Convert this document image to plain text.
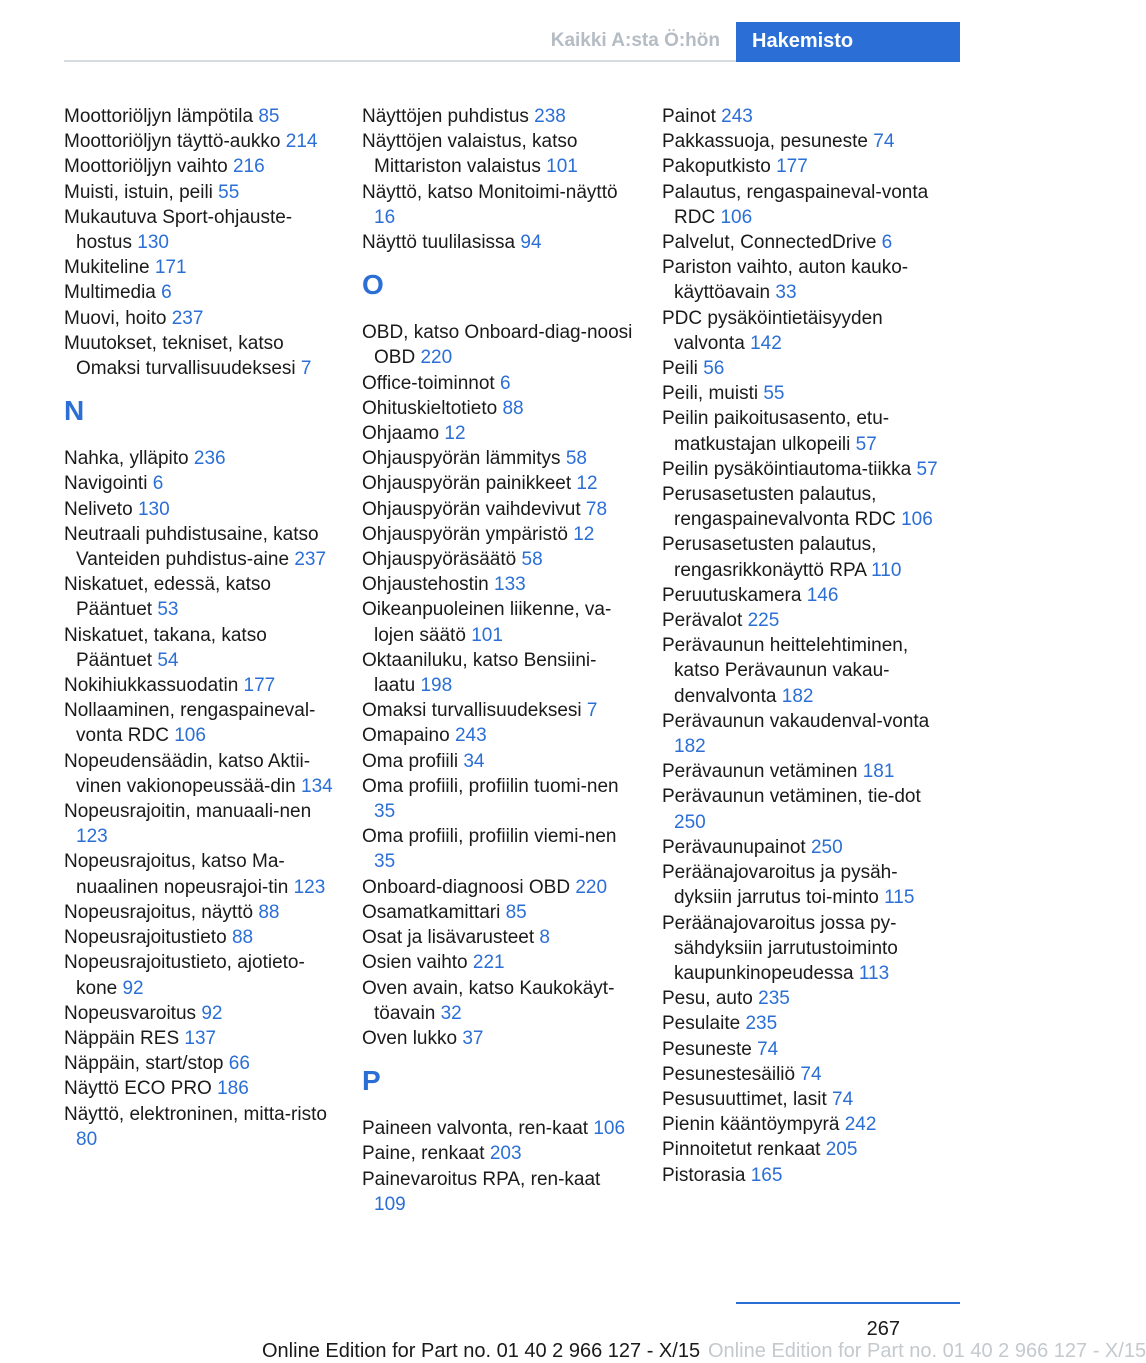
Kaikki A:sta Ö:hön	Hakemisto
Moottoriöljyn lämpötila 85
Moottoriöljyn täyttö-aukko 214
Moottoriöljyn vaihto 216
Muisti, istuin, peili 55
Mukautuva Sport-ohjauste-hostus 130
Mukiteline 171
Multimedia 6
Muovi, hoito 237
Muutokset, tekniset, katso Omaksi turvallisuudeksesi 7
N
Nahka, ylläpito 236
Navigointi 6
Neliveto 130
Neutraali puhdistusaine, katso Vanteiden puhdistus-aine 237
Niskatuet, edessä, katso Pääntuet 53
Niskatuet, takana, katso Pääntuet 54
Nokihiukkassuodatin 177
Nollaaminen, rengaspaineval-vonta RDC 106
Nopeudensäädin, katso Aktii-vinen vakionopeussää-din 134
Nopeusrajoitin, manuaali-nen 123
Nopeusrajoitus, katso Ma-nuaalinen nopeusrajoi-tin 123
Nopeusrajoitus, näyttö 88
Nopeusrajoitustieto 88
Nopeusrajoitustieto, ajotieto-kone 92
Nopeusvaroitus 92
Näppäin RES 137
Näppäin, start/stop 66
Näyttö ECO PRO 186
Näyttö, elektroninen, mitta-risto 80
Näyttöjen puhdistus 238
Näyttöjen valaistus, katso Mittariston valaistus 101
Näyttö, katso Monitoimi-näyttö 16
Näyttö tuulilasissa 94
O
OBD, katso Onboard-diag-noosi OBD 220
Office-toiminnot 6
Ohituskieltotieto 88
Ohjaamo 12
Ohjauspyörän lämmitys 58
Ohjauspyörän painikkeet 12
Ohjauspyörän vaihdevivut 78
Ohjauspyörän ympäristö 12
Ohjauspyöräsäätö 58
Ohjaustehostin 133
Oikeanpuoleinen liikenne, va-lojen säätö 101
Oktaaniluku, katso Bensiini-laatu 198
Omaksi turvallisuudeksesi 7
Omapaino 243
Oma profiili 34
Oma profiili, profiilin tuomi-nen 35
Oma profiili, profiilin viemi-nen 35
Onboard-diagnoosi OBD 220
Osamatkamittari 85
Osat ja lisävarusteet 8
Osien vaihto 221
Oven avain, katso Kaukokäyt-töavain 32
Oven lukko 37
P
Paineen valvonta, ren-kaat 106
Paine, renkaat 203
Painevaroitus RPA, ren-kaat 109
Painot 243
Pakkassuoja, pesuneste 74
Pakoputkisto 177
Palautus, rengaspaineval-vonta RDC 106
Palvelut, ConnectedDrive 6
Pariston vaihto, auton kauko-käyttöavain 33
PDC pysäköintietäisyyden valvonta 142
Peili 56
Peili, muisti 55
Peilin paikoitusasento, etu-matkustajan ulkopeili 57
Peilin pysäköintiautoma-tiikka 57
Perusasetusten palautus, rengaspainevalvonta RDC 106
Perusasetusten palautus, rengasrikkonäyttö RPA 110
Peruutuskamera 146
Perävalot 225
Perävaunun heittelehtiminen, katso Perävaunun vakau-denvalvonta 182
Perävaunun vakaudenval-vonta 182
Perävaunun vetäminen 181
Perävaunun vetäminen, tie-dot 250
Perävaunupainot 250
Peräänajovaroitus ja pysäh-dyksiin jarrutus toi-minto 115
Peräänajovaroitus jossa py-sähdyksiin jarrutustoiminto kaupunkinopeudessa 113
Pesu, auto 235
Pesulaite 235
Pesuneste 74
Pesunestesäiliö 74
Pesusuuttimet, lasit 74
Pienin kääntöympyrä 242
Pinnoitetut renkaat 205
Pistorasia 165
267
Online Edition for Part no. 01 40 2 966 127 - X/15 Online Edition for Part no. 01 40 2 966 127 - X/15
